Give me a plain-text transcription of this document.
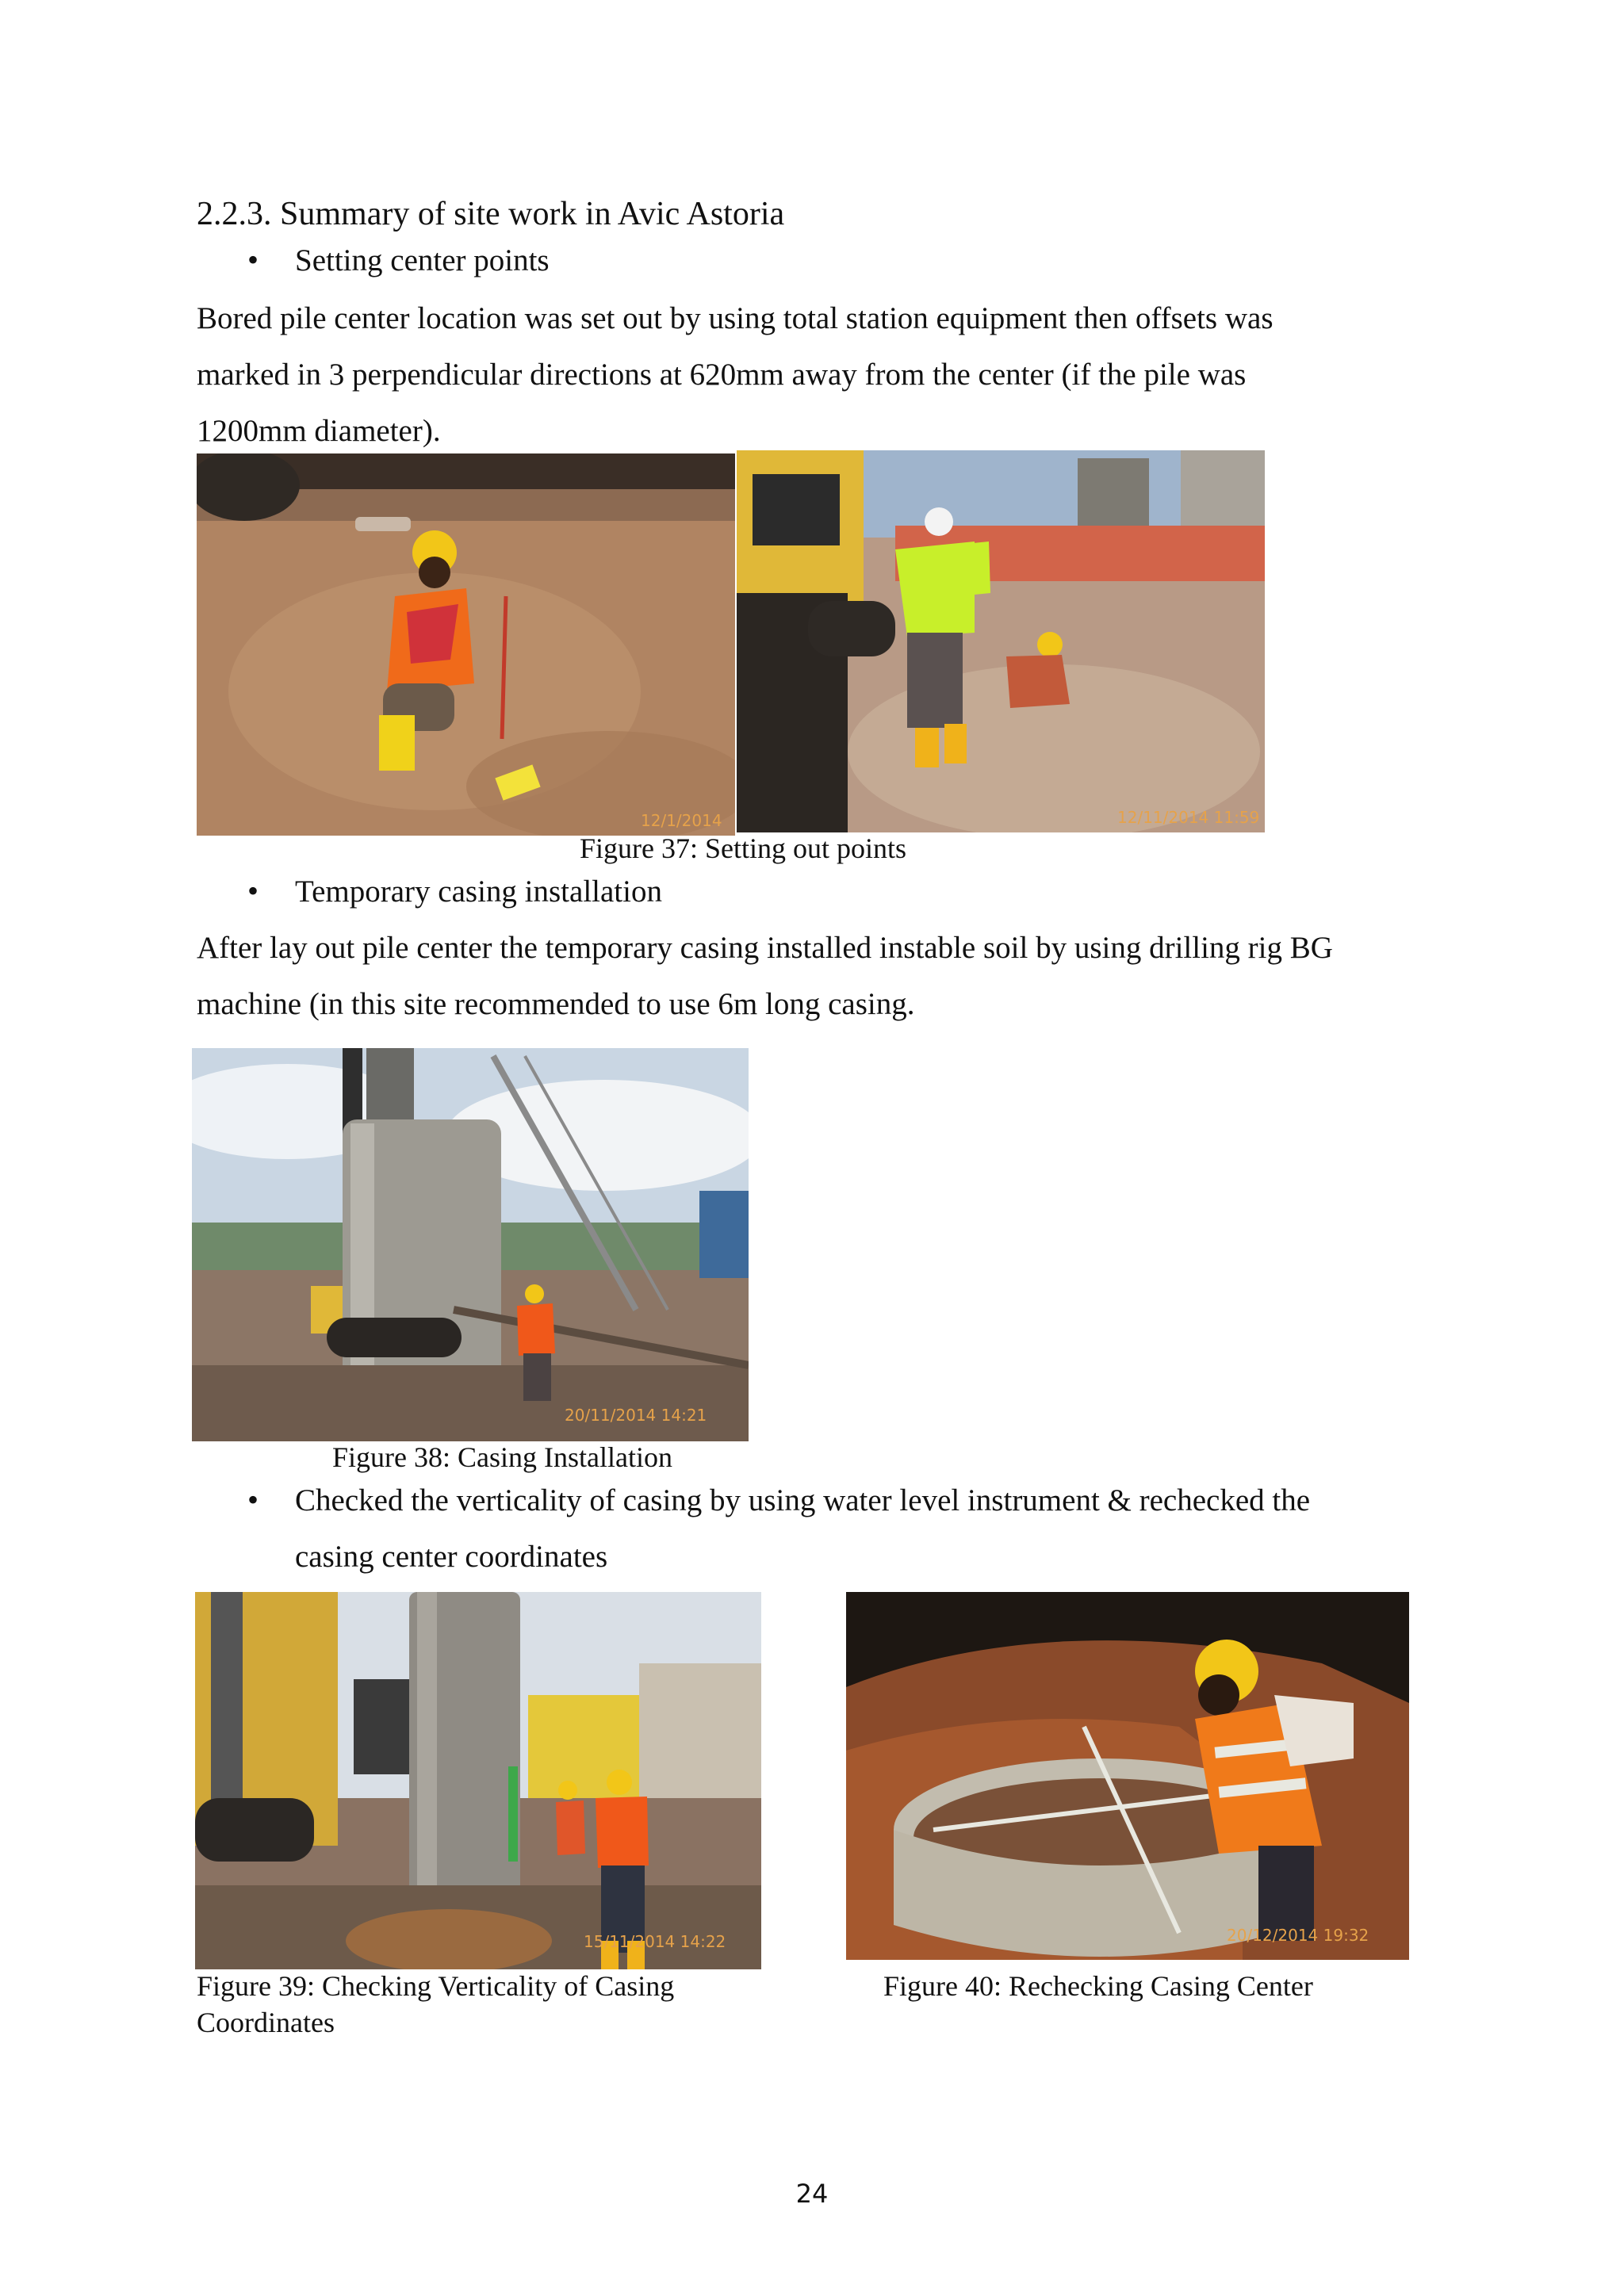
2.2.3. Summary of site work in Avic Astoria
• Setting center points
Bored pile center location was set out by using total station equipment then offsets was
marked in 3 perpendicular directions at 620mm away from the center (if the pile was
1200mm diameter).
12/1/2014	12/11/2014 11:59
Figure 37: Setting out points
• Temporary casing installation
After lay out pile center the temporary casing installed instable soil by using drilling rig BG
machine (in this site recommended to use 6m long casing.
20/11/2014 14:21
Figure 38: Casing Installation
• Checked the verticality of casing by using water level instrument & rechecked the
casing center coordinates
15/11/2014 14:22	20/12/2014 19:32
Figure 39: Checking Verticality of Casing
Coordinates
Figure 40: Rechecking Casing Center
24
